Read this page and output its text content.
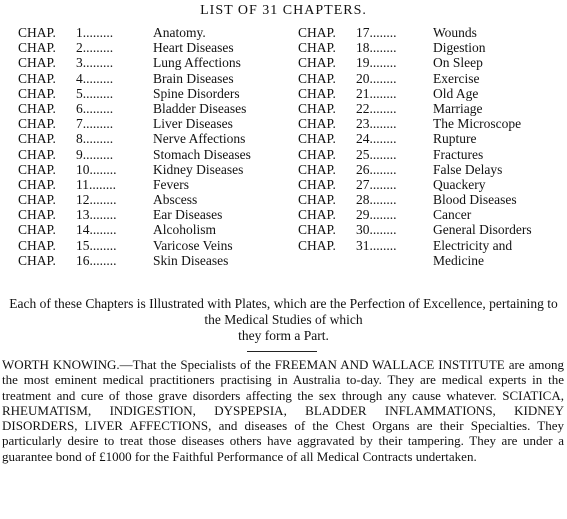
LIST OF 31 CHAPTERS.
CHAP.	1.........	Anatomy.
CHAP.	2.........	Heart Diseases
CHAP.	3.........	Lung Affections
CHAP.	4.........	Brain Diseases
CHAP.	5.........	Spine Disorders
CHAP.	6.........	Bladder Diseases
CHAP.	7.........	Liver Diseases
CHAP.	8.........	Nerve Affections
CHAP.	9.........	Stomach Diseases
CHAP.	10........	Kidney Diseases
CHAP.	11........	Fevers
CHAP.	12........	Abscess
CHAP.	13........	Ear Diseases
CHAP.	14........	Alcoholism
CHAP.	15........	Varicose Veins
CHAP.	16........	Skin Diseases
CHAP.	17........	Wounds
CHAP.	18........	Digestion
CHAP.	19........	On Sleep
CHAP.	20........	Exercise
CHAP.	21........	Old Age
CHAP.	22........	Marriage
CHAP.	23........	The Microscope
CHAP.	24........	Rupture
CHAP.	25........	Fractures
CHAP.	26........	False Delays
CHAP.	27........	Quackery
CHAP.	28........	Blood Diseases
CHAP.	29........	Cancer
CHAP.	30........	General Disorders
CHAP.	31........	Electricity and
Medicine
Each of these Chapters is Illustrated with Plates, which are the Perfection of Excellence, pertaining to the Medical Studies of which
they form a Part.

WORTH KNOWING.—That the Specialists of the FREEMAN AND WALLACE INSTITUTE are among the most eminent medical practitioners practising in Australia to-day. They are medical experts in the treatment and cure of those grave disorders affecting the sex through any cause whatever. SCIATICA, RHEUMATISM, INDIGESTION, DYSPEPSIA, BLADDER INFLAMMATIONS, KIDNEY DISORDERS, LIVER AFFECTIONS, and diseases of the Chest Organs are their Specialties. They particularly desire to treat those diseases others have aggravated by their tampering. They are under a guarantee bond of £1000 for the Faithful Performance of all Medical Contracts undertaken.
